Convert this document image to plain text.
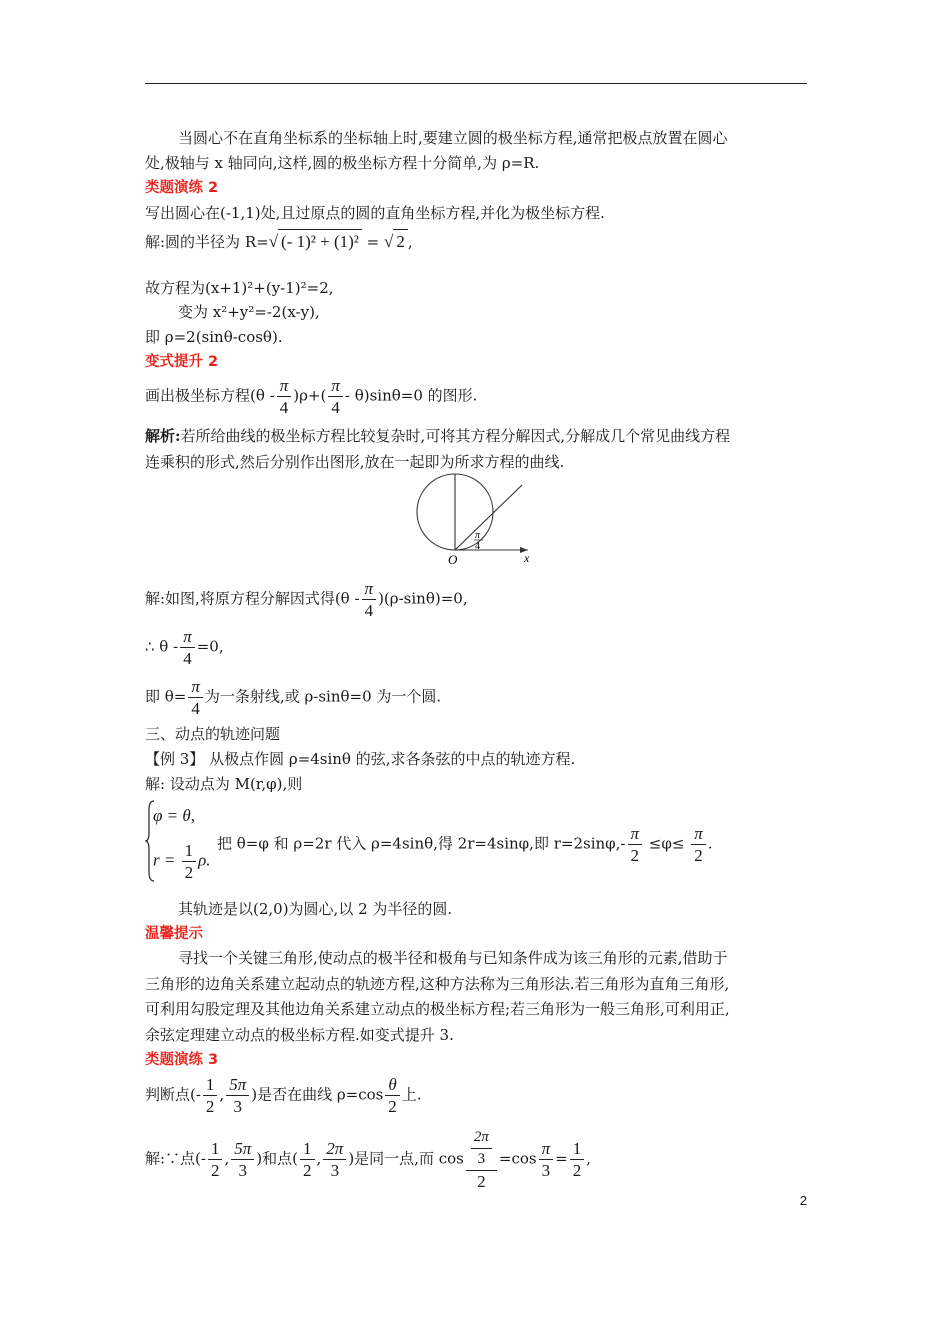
当圆心不在直角坐标系的坐标轴上时,要建立圆的极坐标方程,通常把极点放置在圆心
处,极轴与 x 轴同向,这样,圆的极坐标方程十分简单,为 ρ=R.
类题演练 2
写出圆心在(-1,1)处,且过原点的圆的直角坐标方程,并化为极坐标方程.
解:圆的半径为 R=√ (- 1)² + (1)² = √ 2 ,
故方程为(x+1)²+(y-1)²=2,
变为 x²+y²=-2(x-y),
即 ρ=2(sinθ-cosθ).
变式提升 2
画出极坐标方程$(\theta - \frac{\pi}{4} )\rho+( \frac{\pi}{4} - \theta)\sin\theta=0$ 的图形.
解析:若所给曲线的极坐标方程比较复杂时,可将其方程分解因式,分解成几个常见曲线方程
连乘积的形式,然后分别作出图形,放在一起即为所求方程的曲线.
O	x
π
4
解:如图,将原方程分解因式得$(\theta - \frac{\pi}{4} )(\rho-\sin\theta)=0$,
∴ $\theta - \frac{\pi}{4} =0$,
即 $\theta= \frac{\pi}{4}$ 为一条射线,或 ρ-sinθ=0 为一个圆.
三、动点的轨迹问题
【例 3】 从极点作圆 ρ=4sinθ 的弦,求各条弦的中点的轨迹方程.
解: 设动点为 M(r,φ),则
φ = θ,
$r = \frac{1}{2} \rho$.
把 θ=φ 和 ρ=2r 代入 ρ=4sinθ,得 2r=4sinφ,即 $r=2\sin\varphi,- \frac{\pi}{2} \le\varphi\le \frac{\pi}{2}$ .
其轨迹是以(2,0)为圆心,以 2 为半径的圆.
温馨提示
寻找一个关键三角形,使动点的极半径和极角与已知条件成为该三角形的元素,借助于
三角形的边角关系建立起动点的轨迹方程,这种方法称为三角形法.若三角形为直角三角形,
可利用勾股定理及其他边角关系建立动点的极坐标方程;若三角形为一般三角形,可利用正,
余弦定理建立动点的极坐标方程.如变式提升 3.
类题演练 3
判断点(- $\frac{1}{2}$ , $\frac{5\pi}{3}$ )是否在曲线 $\rho=\cos \frac{\theta}{2}$ 上.
解:∵点(- $\frac{1}{2}$ , $\frac{5\pi}{3}$ )和点( $\frac{1}{2}$ , $\frac{2\pi}{3}$ )是同一点,而 $\cos \frac{\frac{2\pi}{3}}{2} =\cos \frac{\pi}{3} = \frac{1}{2}$ ,
2
